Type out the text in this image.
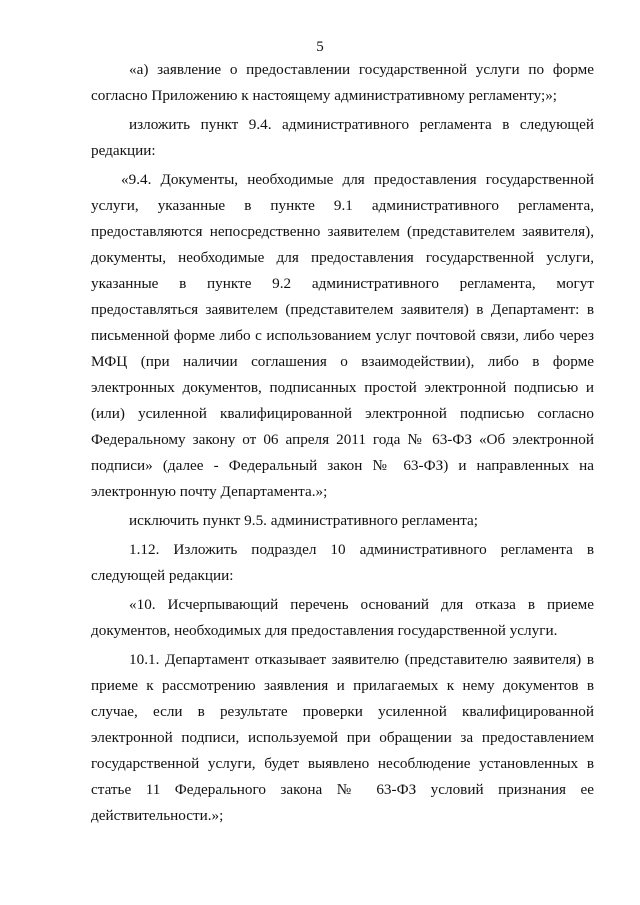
5

«а) заявление о предоставлении государственной услуги по форме
согласно Приложению к настоящему административному регламенту;»;

изложить пункт 9.4. административного регламента в следующей
редакции:

«9.4. Документы, необходимые для предоставления государственной
услуги, указанные в пункте 9.1 административного регламента,
предоставляются непосредственно заявителем (представителем заявителя),
документы, необходимые для предоставления государственной услуги,
указанные в пункте 9.2 административного регламента, могут
предоставляться заявителем (представителем заявителя) в Департамент: в
письменной форме либо с использованием услуг почтовой связи, либо через
МФЦ (при наличии соглашения о взаимодействии), либо в форме
электронных документов, подписанных простой электронной подписью и
(или) усиленной квалифицированной электронной подписью согласно
Федеральному закону от 06 апреля 2011 года № 63-ФЗ «Об электронной
подписи» (далее - Федеральный закон № 63-ФЗ) и направленных на
электронную почту Департамента.»;

исключить пункт 9.5. административного регламента;

1.12. Изложить подраздел 10 административного регламента в
следующей редакции:

«10. Исчерпывающий перечень оснований для отказа в приеме
документов, необходимых для предоставления государственной услуги.

10.1. Департамент отказывает заявителю (представителю заявителя) в
приеме к рассмотрению заявления и прилагаемых к нему документов в
случае, если в результате проверки усиленной квалифицированной
электронной подписи, используемой при обращении за предоставлением
государственной услуги, будет выявлено несоблюдение установленных в
статье 11 Федерального закона № 63-ФЗ условий признания ее
действительности.»;
